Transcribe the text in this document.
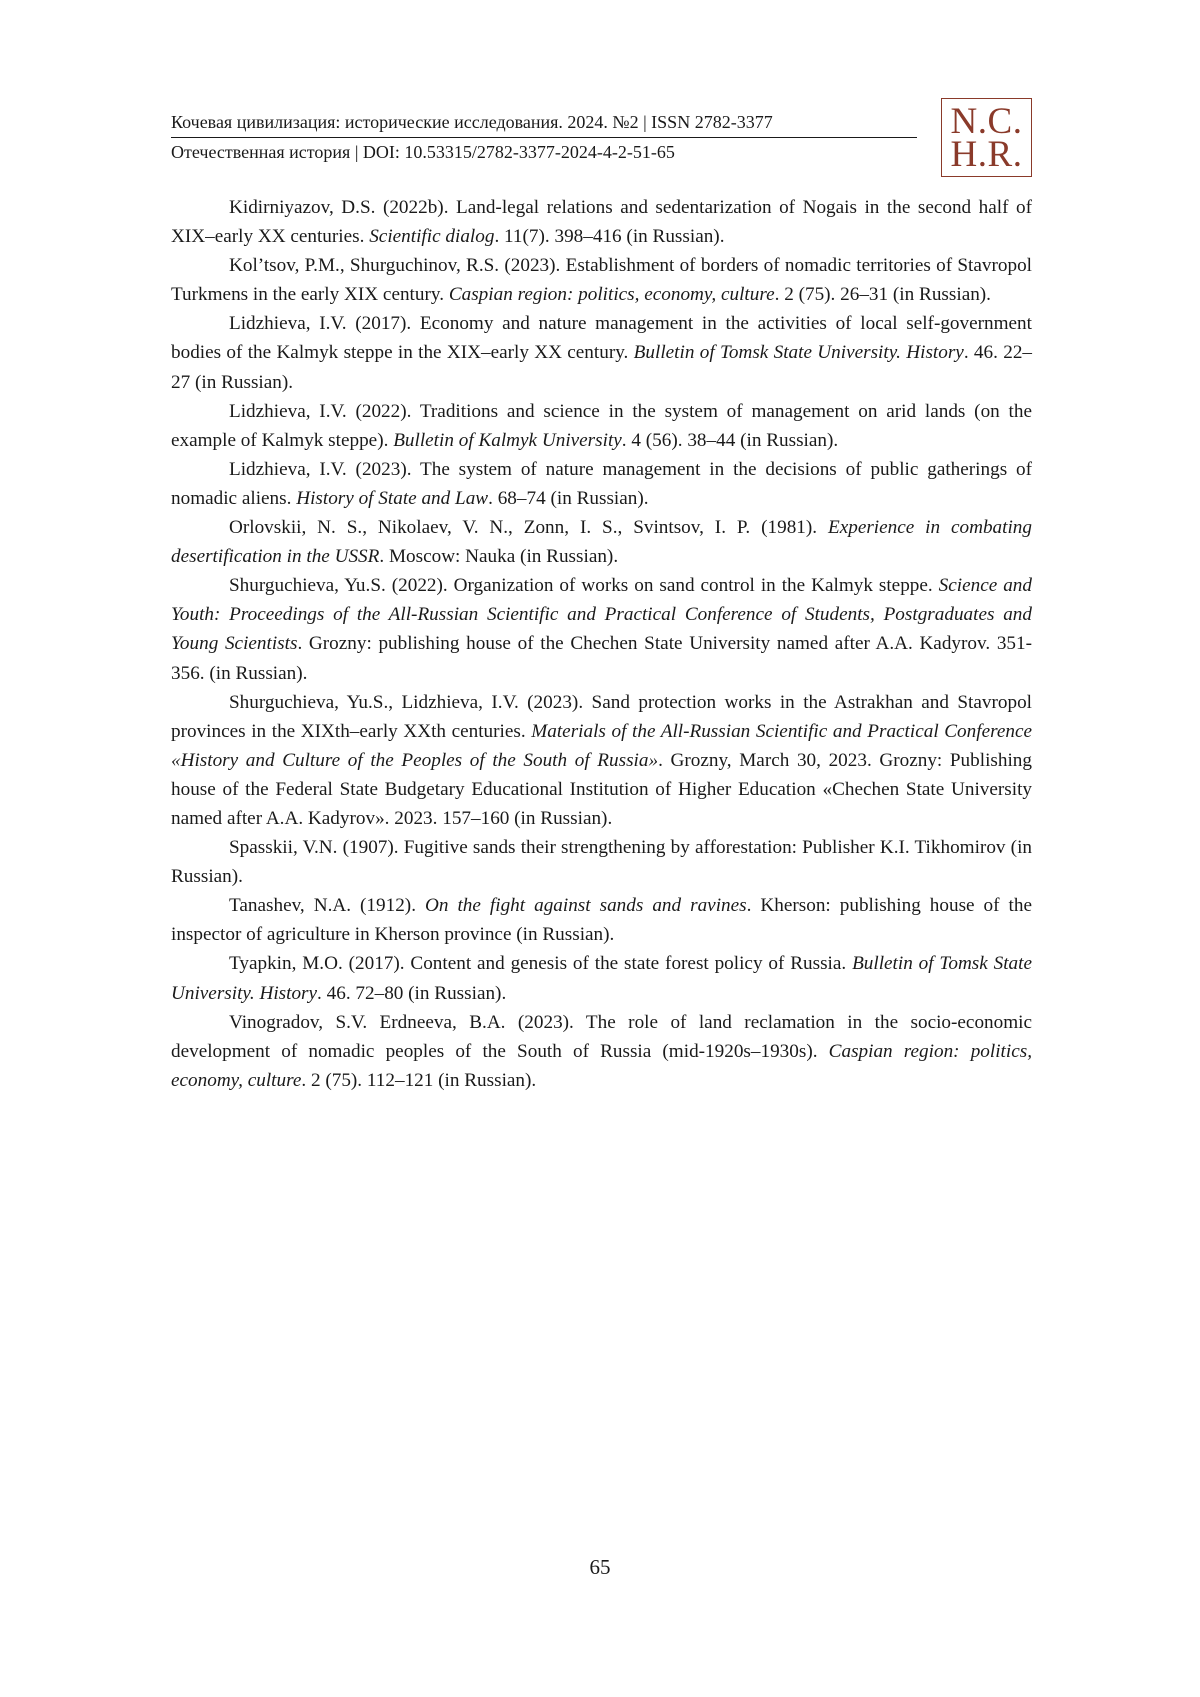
Кочевая цивилизация: исторические исследования. 2024. №2 | ISSN 2782-3377
Отечественная история | DOI: 10.53315/2782-3377-2024-4-2-51-65
N.C.
H.R.

Kidirniyazov, D.S. (2022b). Land-legal relations and sedentarization of Nogais in the second half of XIX–early XX centuries. Scientific dialog. 11(7). 398–416 (in Russian).

Kol’tsov, P.M., Shurguchinov, R.S. (2023). Establishment of borders of nomadic territories of Stavropol Turkmens in the early XIX century. Caspian region: politics, economy, culture. 2 (75). 26–31 (in Russian).

Lidzhieva, I.V. (2017). Economy and nature management in the activities of local self-government bodies of the Kalmyk steppe in the XIX–early XX century. Bulletin of Tomsk State University. History. 46. 22–27 (in Russian).

Lidzhieva, I.V. (2022). Traditions and science in the system of management on arid lands (on the example of Kalmyk steppe). Bulletin of Kalmyk University. 4 (56). 38–44 (in Russian).

Lidzhieva, I.V. (2023). The system of nature management in the decisions of public gatherings of nomadic aliens. History of State and Law. 68–74 (in Russian).

Orlovskii, N. S., Nikolaev, V. N., Zonn, I. S., Svintsov, I. P. (1981). Experience in combating desertification in the USSR. Moscow: Nauka (in Russian).

Shurguchieva, Yu.S. (2022). Organization of works on sand control in the Kalmyk steppe. Science and Youth: Proceedings of the All-Russian Scientific and Practical Conference of Students, Postgraduates and Young Scientists. Grozny: publishing house of the Chechen State University named after A.A. Kadyrov. 351-356. (in Russian).

Shurguchieva, Yu.S., Lidzhieva, I.V. (2023). Sand protection works in the Astrakhan and Stavropol provinces in the XIXth–early XXth centuries. Materials of the All-Russian Scientific and Practical Conference «History and Culture of the Peoples of the South of Russia». Grozny, March 30, 2023. Grozny: Publishing house of the Federal State Budgetary Educational Institution of Higher Education «Chechen State University named after A.A. Kadyrov». 2023. 157–160 (in Russian).

Spasskii, V.N. (1907). Fugitive sands their strengthening by afforestation: Publisher K.I. Tikhomirov (in Russian).

Tanashev, N.A. (1912). On the fight against sands and ravines. Kherson: publishing house of the inspector of agriculture in Kherson province (in Russian).

Tyapkin, M.O. (2017). Content and genesis of the state forest policy of Russia. Bulletin of Tomsk State University. History. 46. 72–80 (in Russian).

Vinogradov, S.V. Erdneeva, B.A. (2023). The role of land reclamation in the socio-economic development of nomadic peoples of the South of Russia (mid-1920s–1930s). Caspian region: politics, economy, culture. 2 (75). 112–121 (in Russian).

65
